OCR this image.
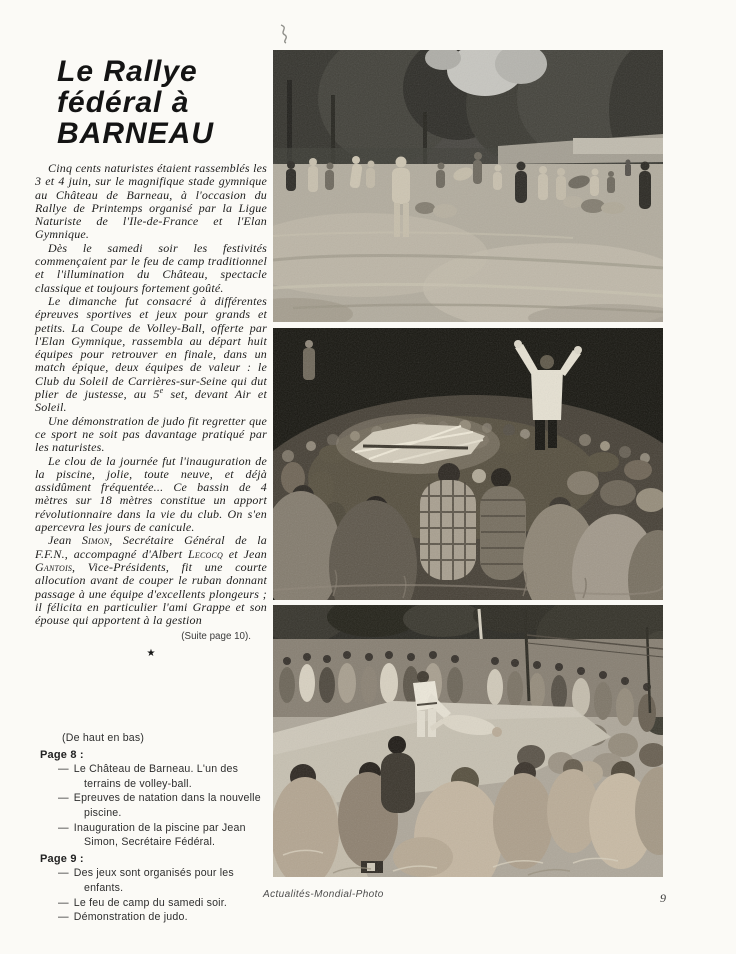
Le Rallye
fédéral à
BARNEAU

Cinq cents naturistes étaient rassemblés les 3 et 4 juin, sur le magnifique stade gymnique au Château de Barneau, à l'occasion du Rallye de Printemps organisé par la Ligue Naturiste de l'Ile-de-France et l'Elan Gymnique.

Dès le samedi soir les festivités commençaient par le feu de camp traditionnel et l'illumination du Château, spectacle classique et toujours fortement goûté.

Le dimanche fut consacré à différentes épreuves sportives et jeux pour grands et petits. La Coupe de Volley-Ball, offerte par l'Elan Gymnique, rassembla au départ huit équipes pour retrouver en finale, dans un match épique, deux équipes de valeur : le Club du Soleil de Carrières-sur-Seine qui dut plier de justesse, au 5e set, devant Air et Soleil.

Une démonstration de judo fit regretter que ce sport ne soit pas davantage pratiqué par les naturistes.

Le clou de la journée fut l'inauguration de la piscine, jolie, toute neuve, et déjà assidûment fréquentée... Ce bassin de 4 mètres sur 18 mètres constitue un apport révolutionnaire dans la vie du club. On s'en apercevra les jours de canicule.

Jean Simon, Secrétaire Général de la F.F.N., accompagné d'Albert Lecocq et Jean Gantois, Vice-Présidents, fit une courte allocution avant de couper le ruban donnant passage à une équipe d'excellents plongeurs ; il félicita en particulier l'ami Grappe et son épouse qui apportent à la gestion

(Suite page 10).
★
(De haut en bas)
Page 8 :
— Le Château de Barneau. L'un des terrains de volley-ball.
— Epreuves de natation dans la nouvelle piscine.
— Inauguration de la piscine par Jean Simon, Secrétaire Fédéral.
Page 9 :
— Des jeux sont organisés pour les enfants.
— Le feu de camp du samedi soir.
— Démonstration de judo.
Actualités-Mondial-Photo	9
